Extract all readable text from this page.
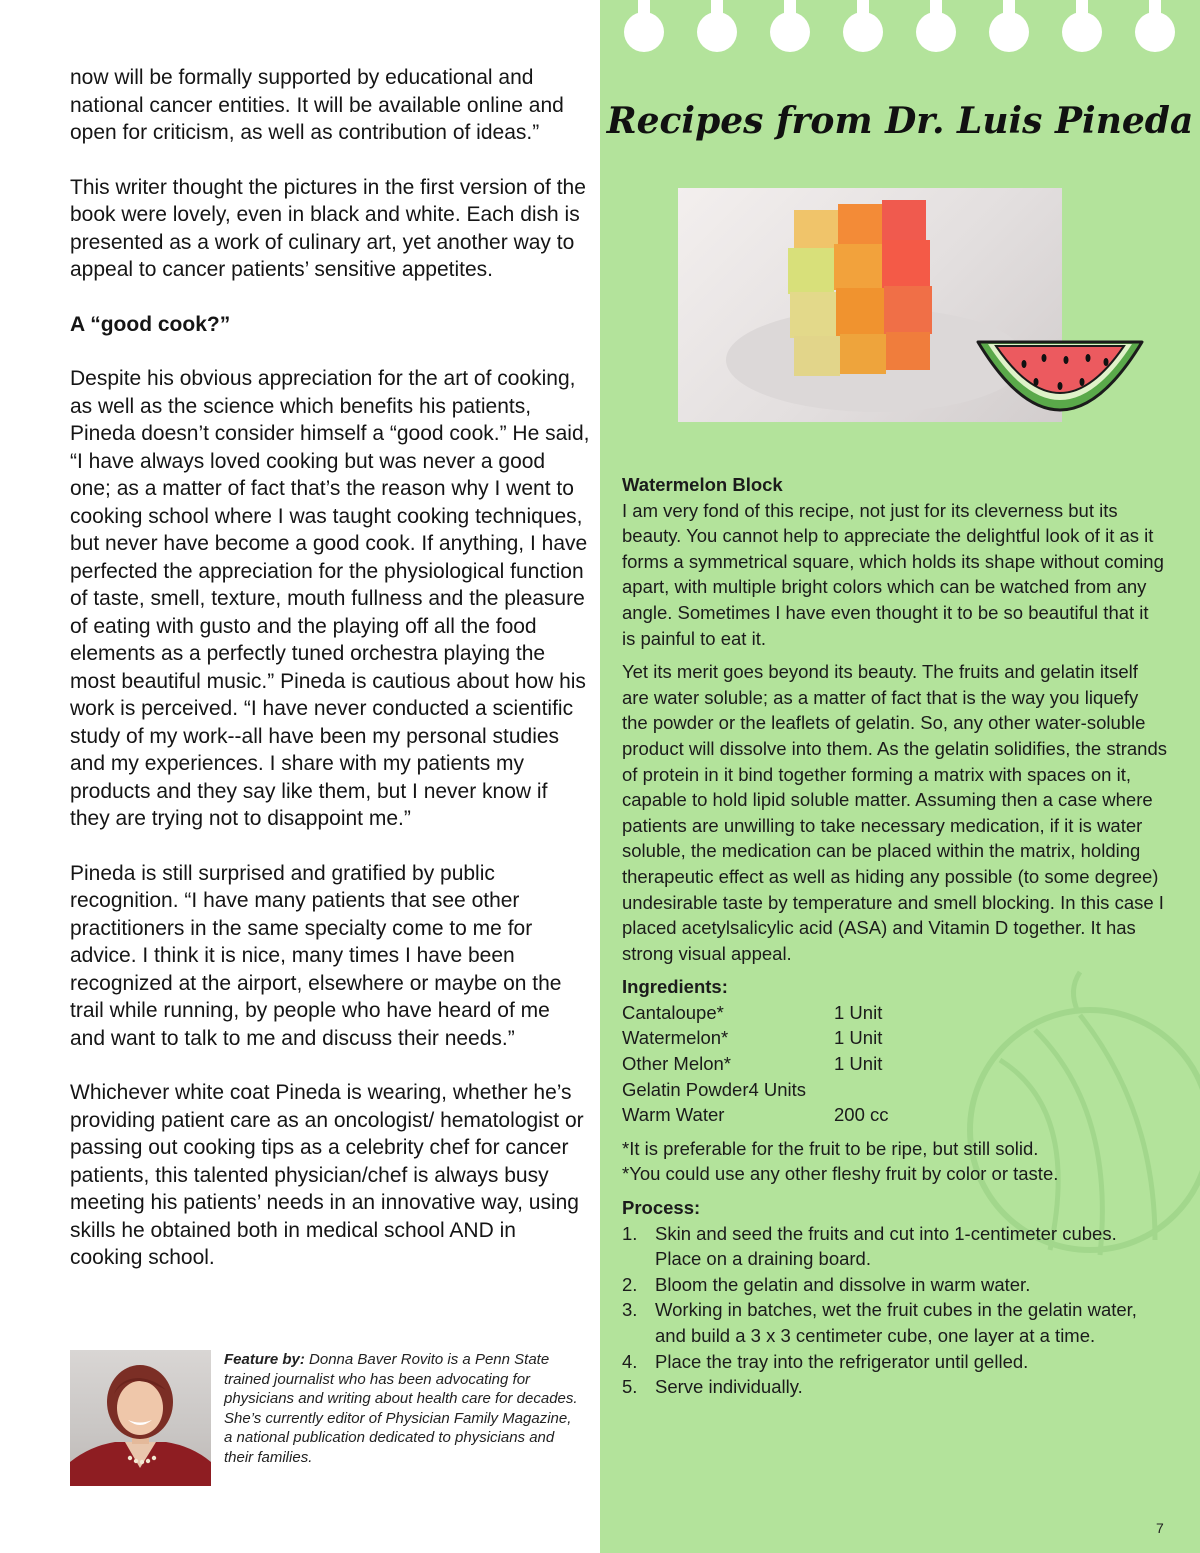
now will be formally supported by educational and national cancer entities. It will be available online and open for criticism, as well as contribution of ideas.”

This writer thought the pictures in the first version of the book were lovely, even in black and white. Each dish is presented as a work of culinary art, yet another way to appeal to cancer patients’ sensitive appetites.

A “good cook?”

Despite his obvious appreciation for the art of cooking, as well as the science which benefits his patients, Pineda doesn’t consider himself a “good cook.” He said, “I have always loved cooking but was never a good one; as a matter of fact that’s the reason why I went to cooking school where I was taught cooking techniques, but never have become a good cook. If anything, I have perfected the appreciation for the physiological function of taste, smell, texture, mouth fullness and the pleasure of eating with gusto and the playing off all the food elements as a perfectly tuned orchestra playing the most beautiful music.” Pineda is cautious about how his work is perceived. “I have never conducted a scientific study of my work--all have been my personal studies and my experiences. I share with my patients my products and they say like them, but I never know if they are trying not to disappoint me.”

Pineda is still surprised and gratified by public recognition. “I have many patients that see other practitioners in the same specialty come to me for advice. I think it is nice, many times I have been recognized at the airport, elsewhere or maybe on the trail while running, by people who have heard of me and want to talk to me and discuss their needs.”

Whichever white coat Pineda is wearing, whether he’s providing patient care as an oncologist/ hematologist or passing out cooking tips as a celebrity chef for cancer patients, this talented physician/chef is always busy meeting his patients’ needs in an innovative way, using skills he obtained both in medical school AND in cooking school.

Feature by: Donna Baver Rovito is a Penn State trained journalist who has been advocating for physicians and writing about health care for decades. She’s currently editor of Physician Family Magazine, a national publication dedicated to physicians and their families.
Recipes from Dr. Luis Pineda
Watermelon Block

I am very fond of this recipe, not just for its cleverness but its beauty. You cannot help to appreciate the delightful look of it as it forms a symmetrical square, which holds its shape without coming apart, with multiple bright colors which can be watched from any angle. Sometimes I have even thought it to be so beautiful that it is painful to eat it.

Yet its merit goes beyond its beauty. The fruits and gelatin itself are water soluble; as a matter of fact that is the way you liquefy the powder or the leaflets of gelatin. So, any other water-soluble product will dissolve into them. As the gelatin solidifies, the strands of protein in it bind together forming a matrix with spaces on it, capable to hold lipid soluble matter. Assuming then a case where patients are unwilling to take necessary medication, if it is water soluble, the medication can be placed within the matrix, holding therapeutic effect as well as hiding any possible (to some degree) undesirable taste by temperature and smell blocking. In this case I placed acetylsalicylic acid (ASA) and Vitamin D together. It has strong visual appeal.

Ingredients:
Cantaloupe*	1 Unit
Watermelon*	1 Unit
Other Melon*	1 Unit
Gelatin Powder 4 Units
Warm Water	200 cc
*It is preferable for the fruit to be ripe, but still solid.
*You could use any other fleshy fruit by color or taste.
Process:
1. Skin and seed the fruits and cut into 1-centimeter cubes. Place on a draining board.
2. Bloom the gelatin and dissolve in warm water.
3. Working in batches, wet the fruit cubes in the gelatin water, and build a 3 x 3 centimeter cube, one layer at a time.
4. Place the tray into the refrigerator until gelled.
5. Serve individually.
7
